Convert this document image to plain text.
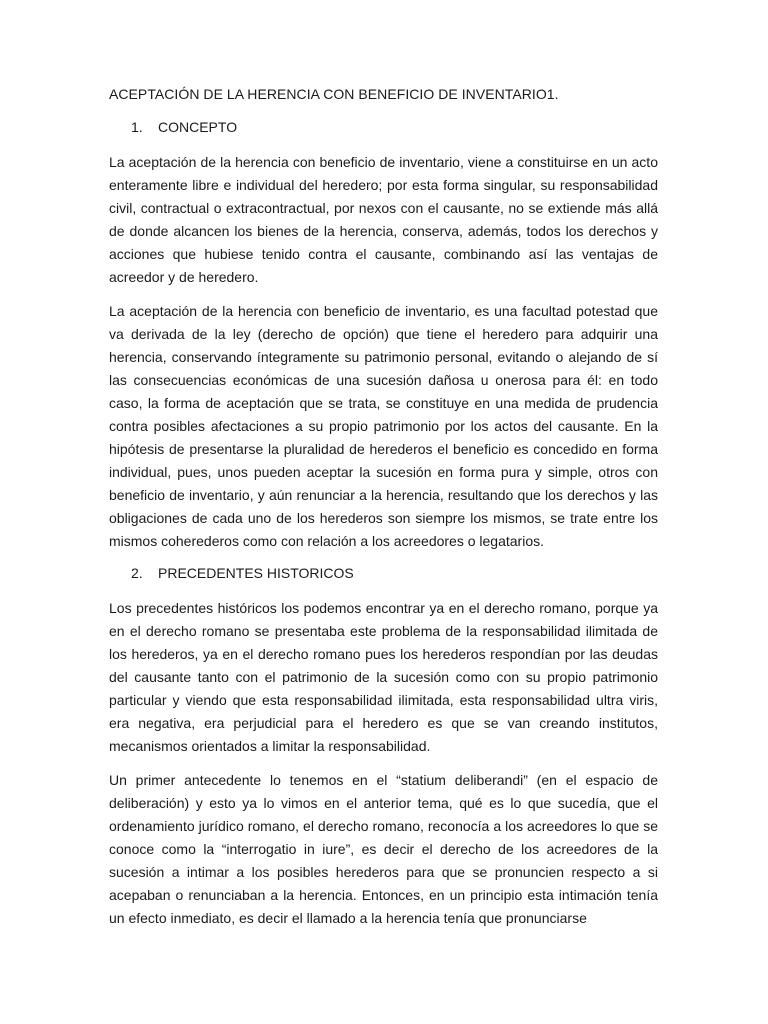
ACEPTACIÓN DE LA HERENCIA CON BENEFICIO DE INVENTARIO1.
1.	CONCEPTO

La aceptación de la herencia con beneficio de inventario, viene a constituirse en un acto enteramente libre e individual del heredero; por esta forma singular, su responsabilidad civil, contractual o extracontractual, por nexos con el causante, no se extiende más allá de donde alcancen los bienes de la herencia, conserva, además, todos los derechos y acciones que hubiese tenido contra el causante, combinando así las ventajas de acreedor y de heredero.

La aceptación de la herencia con beneficio de inventario, es una facultad potestad que va derivada de la ley (derecho de opción) que tiene el heredero para adquirir una herencia, conservando íntegramente su patrimonio personal, evitando o alejando de sí las consecuencias económicas de una sucesión dañosa u onerosa para él: en todo caso, la forma de aceptación que se trata, se constituye en una medida de prudencia contra posibles afectaciones a su propio patrimonio por los actos del causante. En la hipótesis de presentarse la pluralidad de herederos el beneficio es concedido en forma individual, pues, unos pueden aceptar la sucesión en forma pura y simple, otros con beneficio de inventario, y aún renunciar a la herencia, resultando que los derechos y las obligaciones de cada uno de los herederos son siempre los mismos, se trate entre los mismos coherederos como con relación a los acreedores o legatarios.

2.	PRECEDENTES HISTORICOS

Los precedentes históricos los podemos encontrar ya en el derecho romano, porque ya en el derecho romano se presentaba este problema de la responsabilidad ilimitada de los herederos, ya en el derecho romano pues los herederos respondían por las deudas del causante tanto con el patrimonio de la sucesión como con su propio patrimonio particular y viendo que esta responsabilidad ilimitada, esta responsabilidad ultra viris, era negativa, era perjudicial para el heredero es que se van creando institutos, mecanismos orientados a limitar la responsabilidad.

Un primer antecedente lo tenemos en el “statium deliberandi” (en el espacio de deliberación) y esto ya lo vimos en el anterior tema, qué es lo que sucedía, que el ordenamiento jurídico romano, el derecho romano, reconocía a los acreedores lo que se conoce como la “interrogatio in iure”, es decir el derecho de los acreedores de la sucesión a intimar a los posibles herederos para que se pronuncien respecto a si acepaban o renunciaban a la herencia. Entonces, en un principio esta intimación tenía un efecto inmediato, es decir el llamado a la herencia tenía que pronunciarse
